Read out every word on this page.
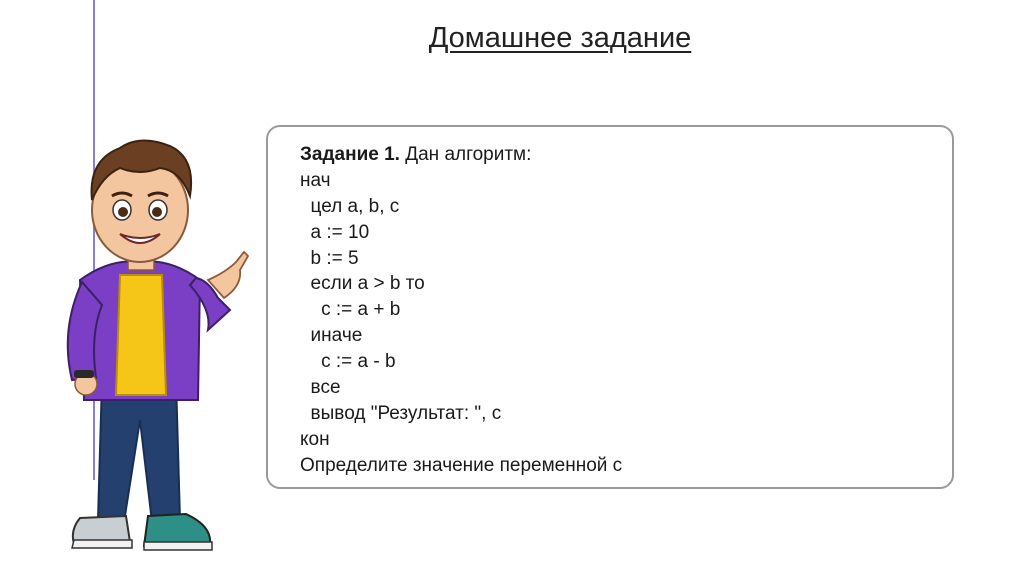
Домашнее задание
Задание 1. Дан алгоритм:
нач
цел a, b, c
a := 10
b := 5
если a > b то
c := a + b
иначе
c := a - b
все
вывод "Результат: ", c
кон
Определите значение переменной c
